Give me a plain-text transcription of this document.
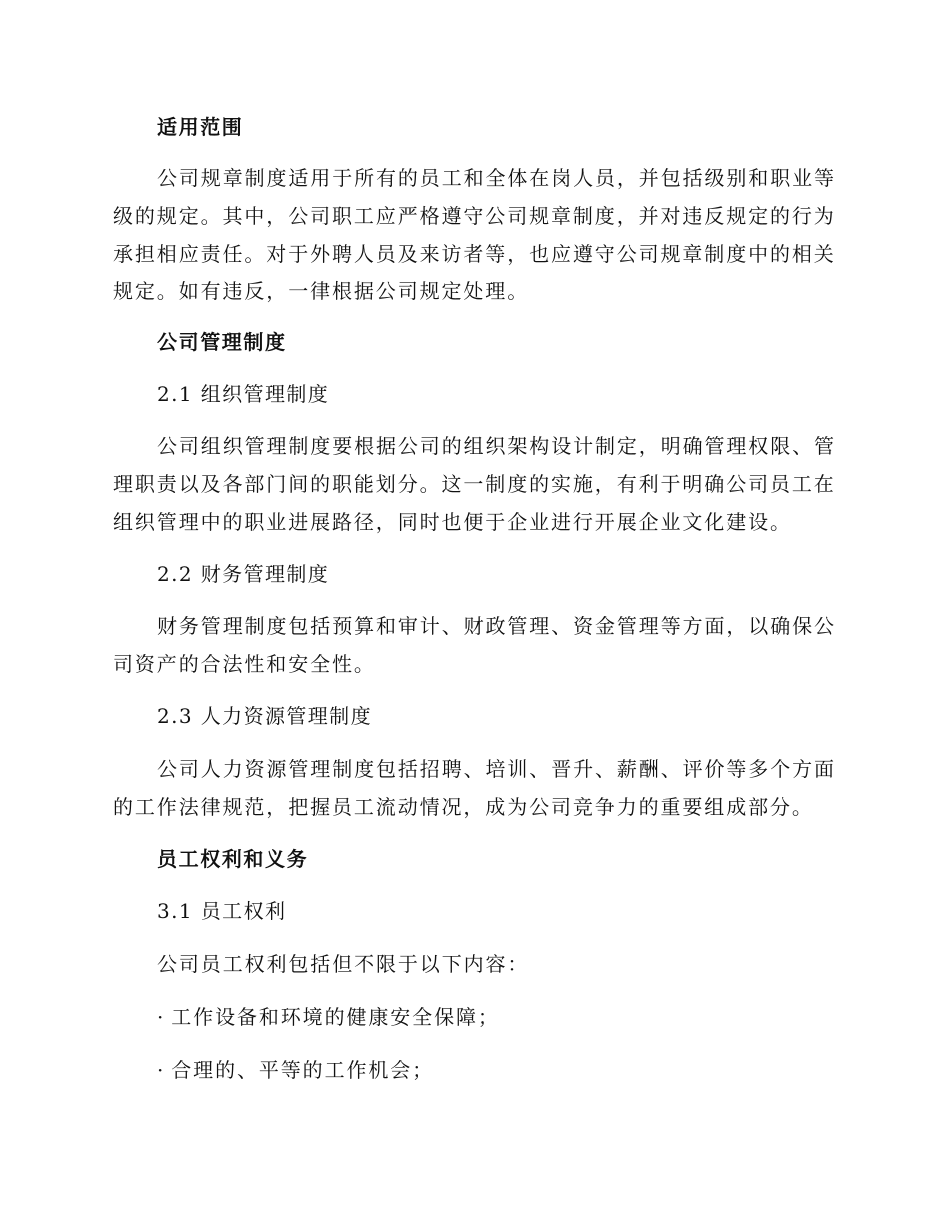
适用范围
公司规章制度适用于所有的员工和全体在岗人员，并包括级别和职业等
级的规定。其中，公司职工应严格遵守公司规章制度，并对违反规定的行为
承担相应责任。对于外聘人员及来访者等，也应遵守公司规章制度中的相关
规定。如有违反，一律根据公司规定处理。
公司管理制度
2.1 组织管理制度
公司组织管理制度要根据公司的组织架构设计制定，明确管理权限、管
理职责以及各部门间的职能划分。这一制度的实施，有利于明确公司员工在
组织管理中的职业进展路径，同时也便于企业进行开展企业文化建设。
2.2 财务管理制度
财务管理制度包括预算和审计、财政管理、资金管理等方面，以确保公
司资产的合法性和安全性。
2.3 人力资源管理制度
公司人力资源管理制度包括招聘、培训、晋升、薪酬、评价等多个方面
的工作法律规范，把握员工流动情况，成为公司竞争力的重要组成部分。
员工权利和义务
3.1 员工权利
公司员工权利包括但不限于以下内容：
· 工作设备和环境的健康安全保障；
· 合理的、平等的工作机会；
